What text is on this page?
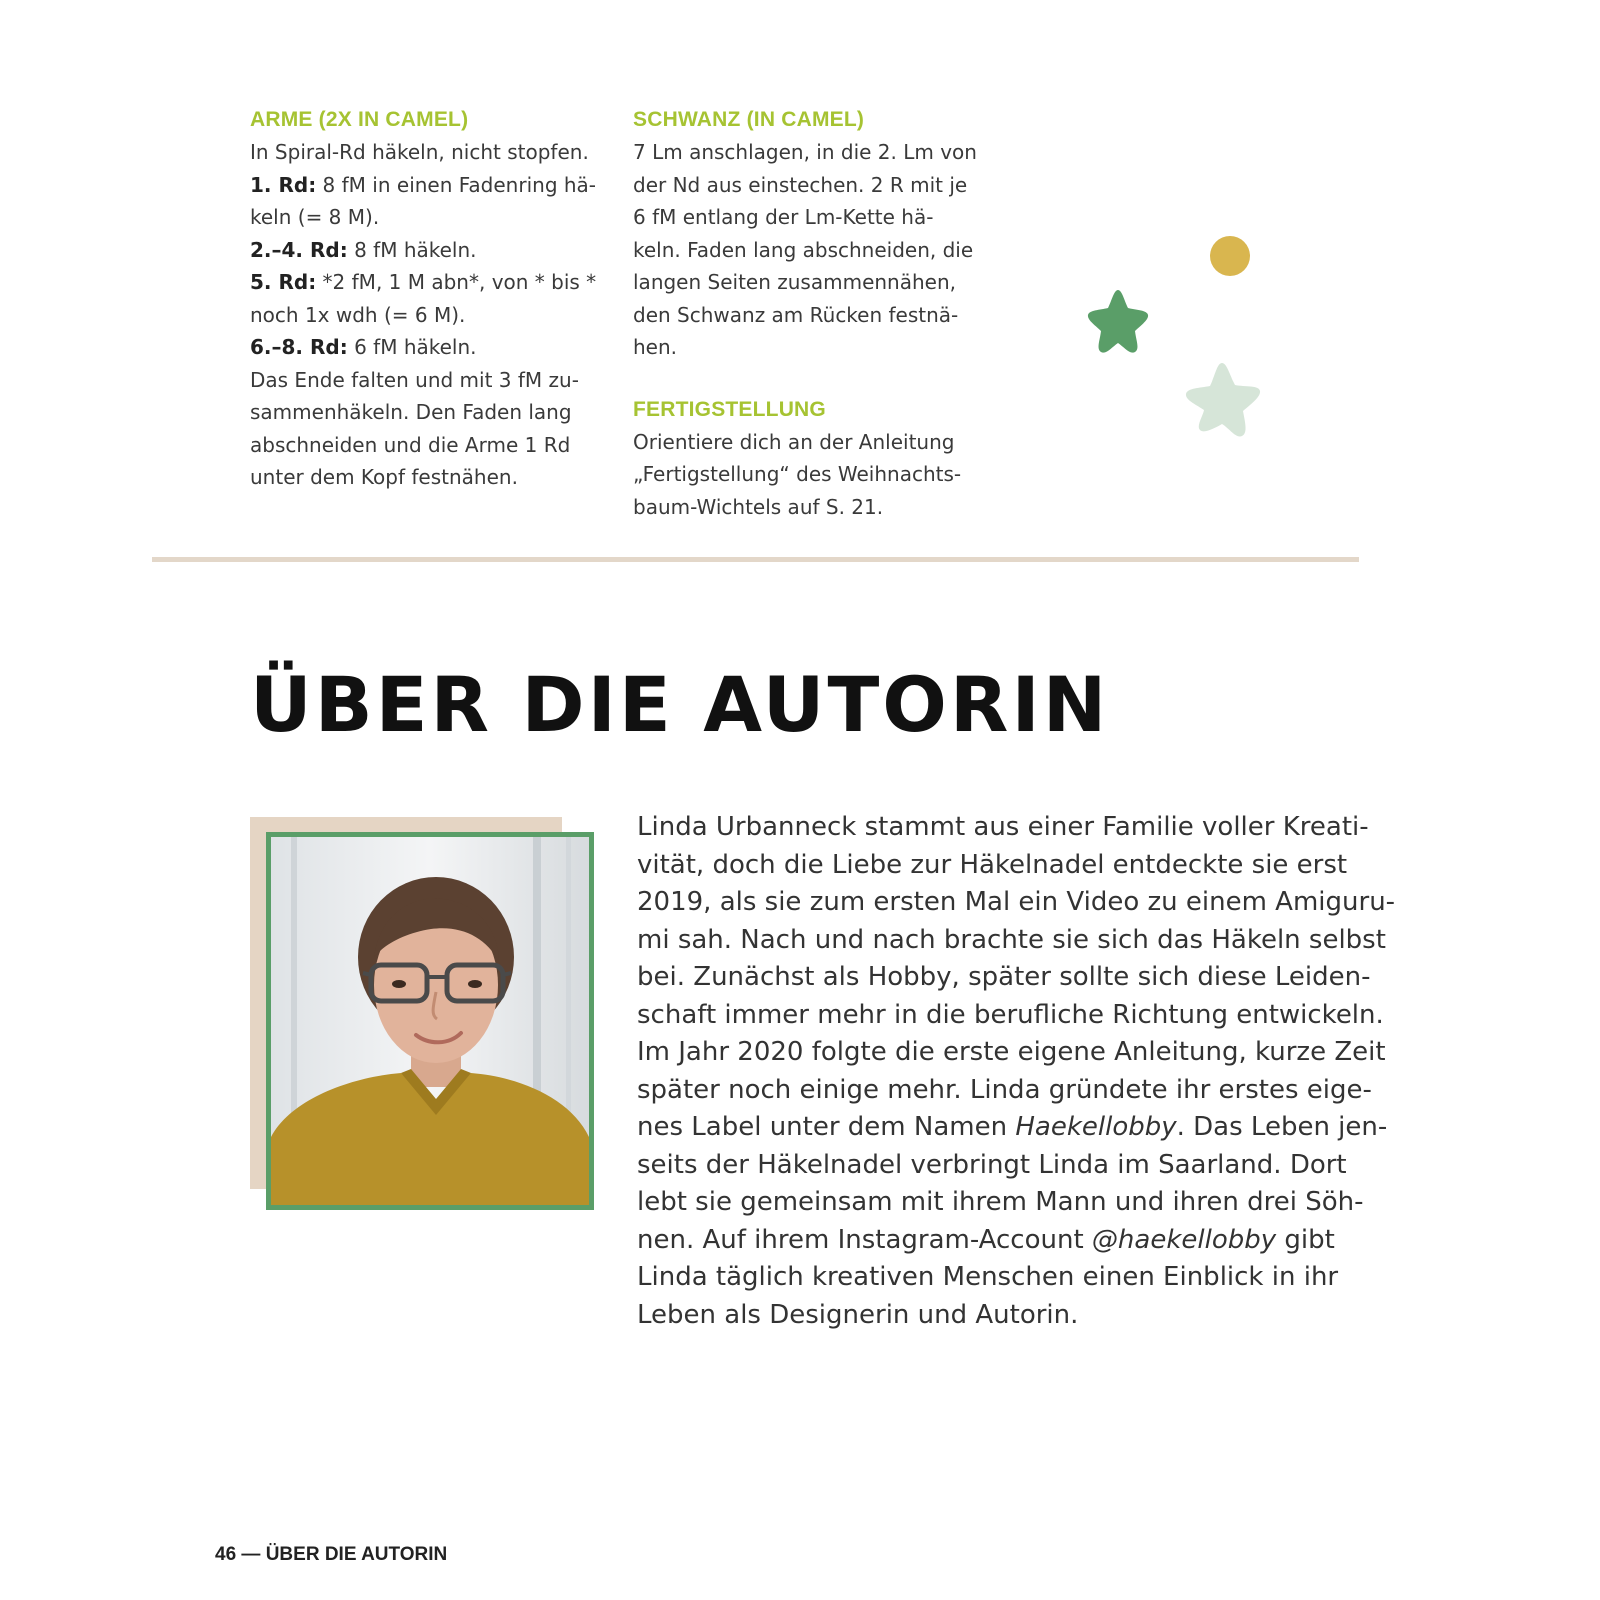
ARME (2X IN CAMEL)

In Spiral-Rd häkeln, nicht stopfen.

1. Rd: 8 fM in einen Fadenring hä-

keln (= 8 M).

2.–4. Rd: 8 fM häkeln.

5. Rd: *2 fM, 1 M abn*, von * bis *

noch 1x wdh (= 6 M).

6.–8. Rd: 6 fM häkeln.

Das Ende falten und mit 3 fM zu-

sammenhäkeln. Den Faden lang

abschneiden und die Arme 1 Rd

unter dem Kopf festnähen.

SCHWANZ (IN CAMEL)

7 Lm anschlagen, in die 2. Lm von

der Nd aus einstechen. 2 R mit je

6 fM entlang der Lm-Kette hä-

keln. Faden lang abschneiden, die

langen Seiten zusammennähen,

den Schwanz am Rücken festnä-

hen.

FERTIGSTELLUNG

Orientiere dich an der Anleitung

„Fertigstellung“ des Weihnachts-

baum-Wichtels auf S. 21.

ÜBER DIE AUTORIN

Linda Urbanneck stammt aus einer Familie voller Kreati-

vität, doch die Liebe zur Häkelnadel entdeckte sie erst

2019, als sie zum ersten Mal ein Video zu einem Amiguru-

mi sah. Nach und nach brachte sie sich das Häkeln selbst

bei. Zunächst als Hobby, später sollte sich diese Leiden-

schaft immer mehr in die berufliche Richtung entwickeln.

Im Jahr 2020 folgte die erste eigene Anleitung, kurze Zeit

später noch einige mehr. Linda gründete ihr erstes eige-

nes Label unter dem Namen Haekellobby. Das Leben jen-

seits der Häkelnadel verbringt Linda im Saarland. Dort

lebt sie gemeinsam mit ihrem Mann und ihren drei Söh-

nen. Auf ihrem Instagram-Account @haekellobby gibt

Linda täglich kreativen Menschen einen Einblick in ihr

Leben als Designerin und Autorin.

46 — ÜBER DIE AUTORIN
